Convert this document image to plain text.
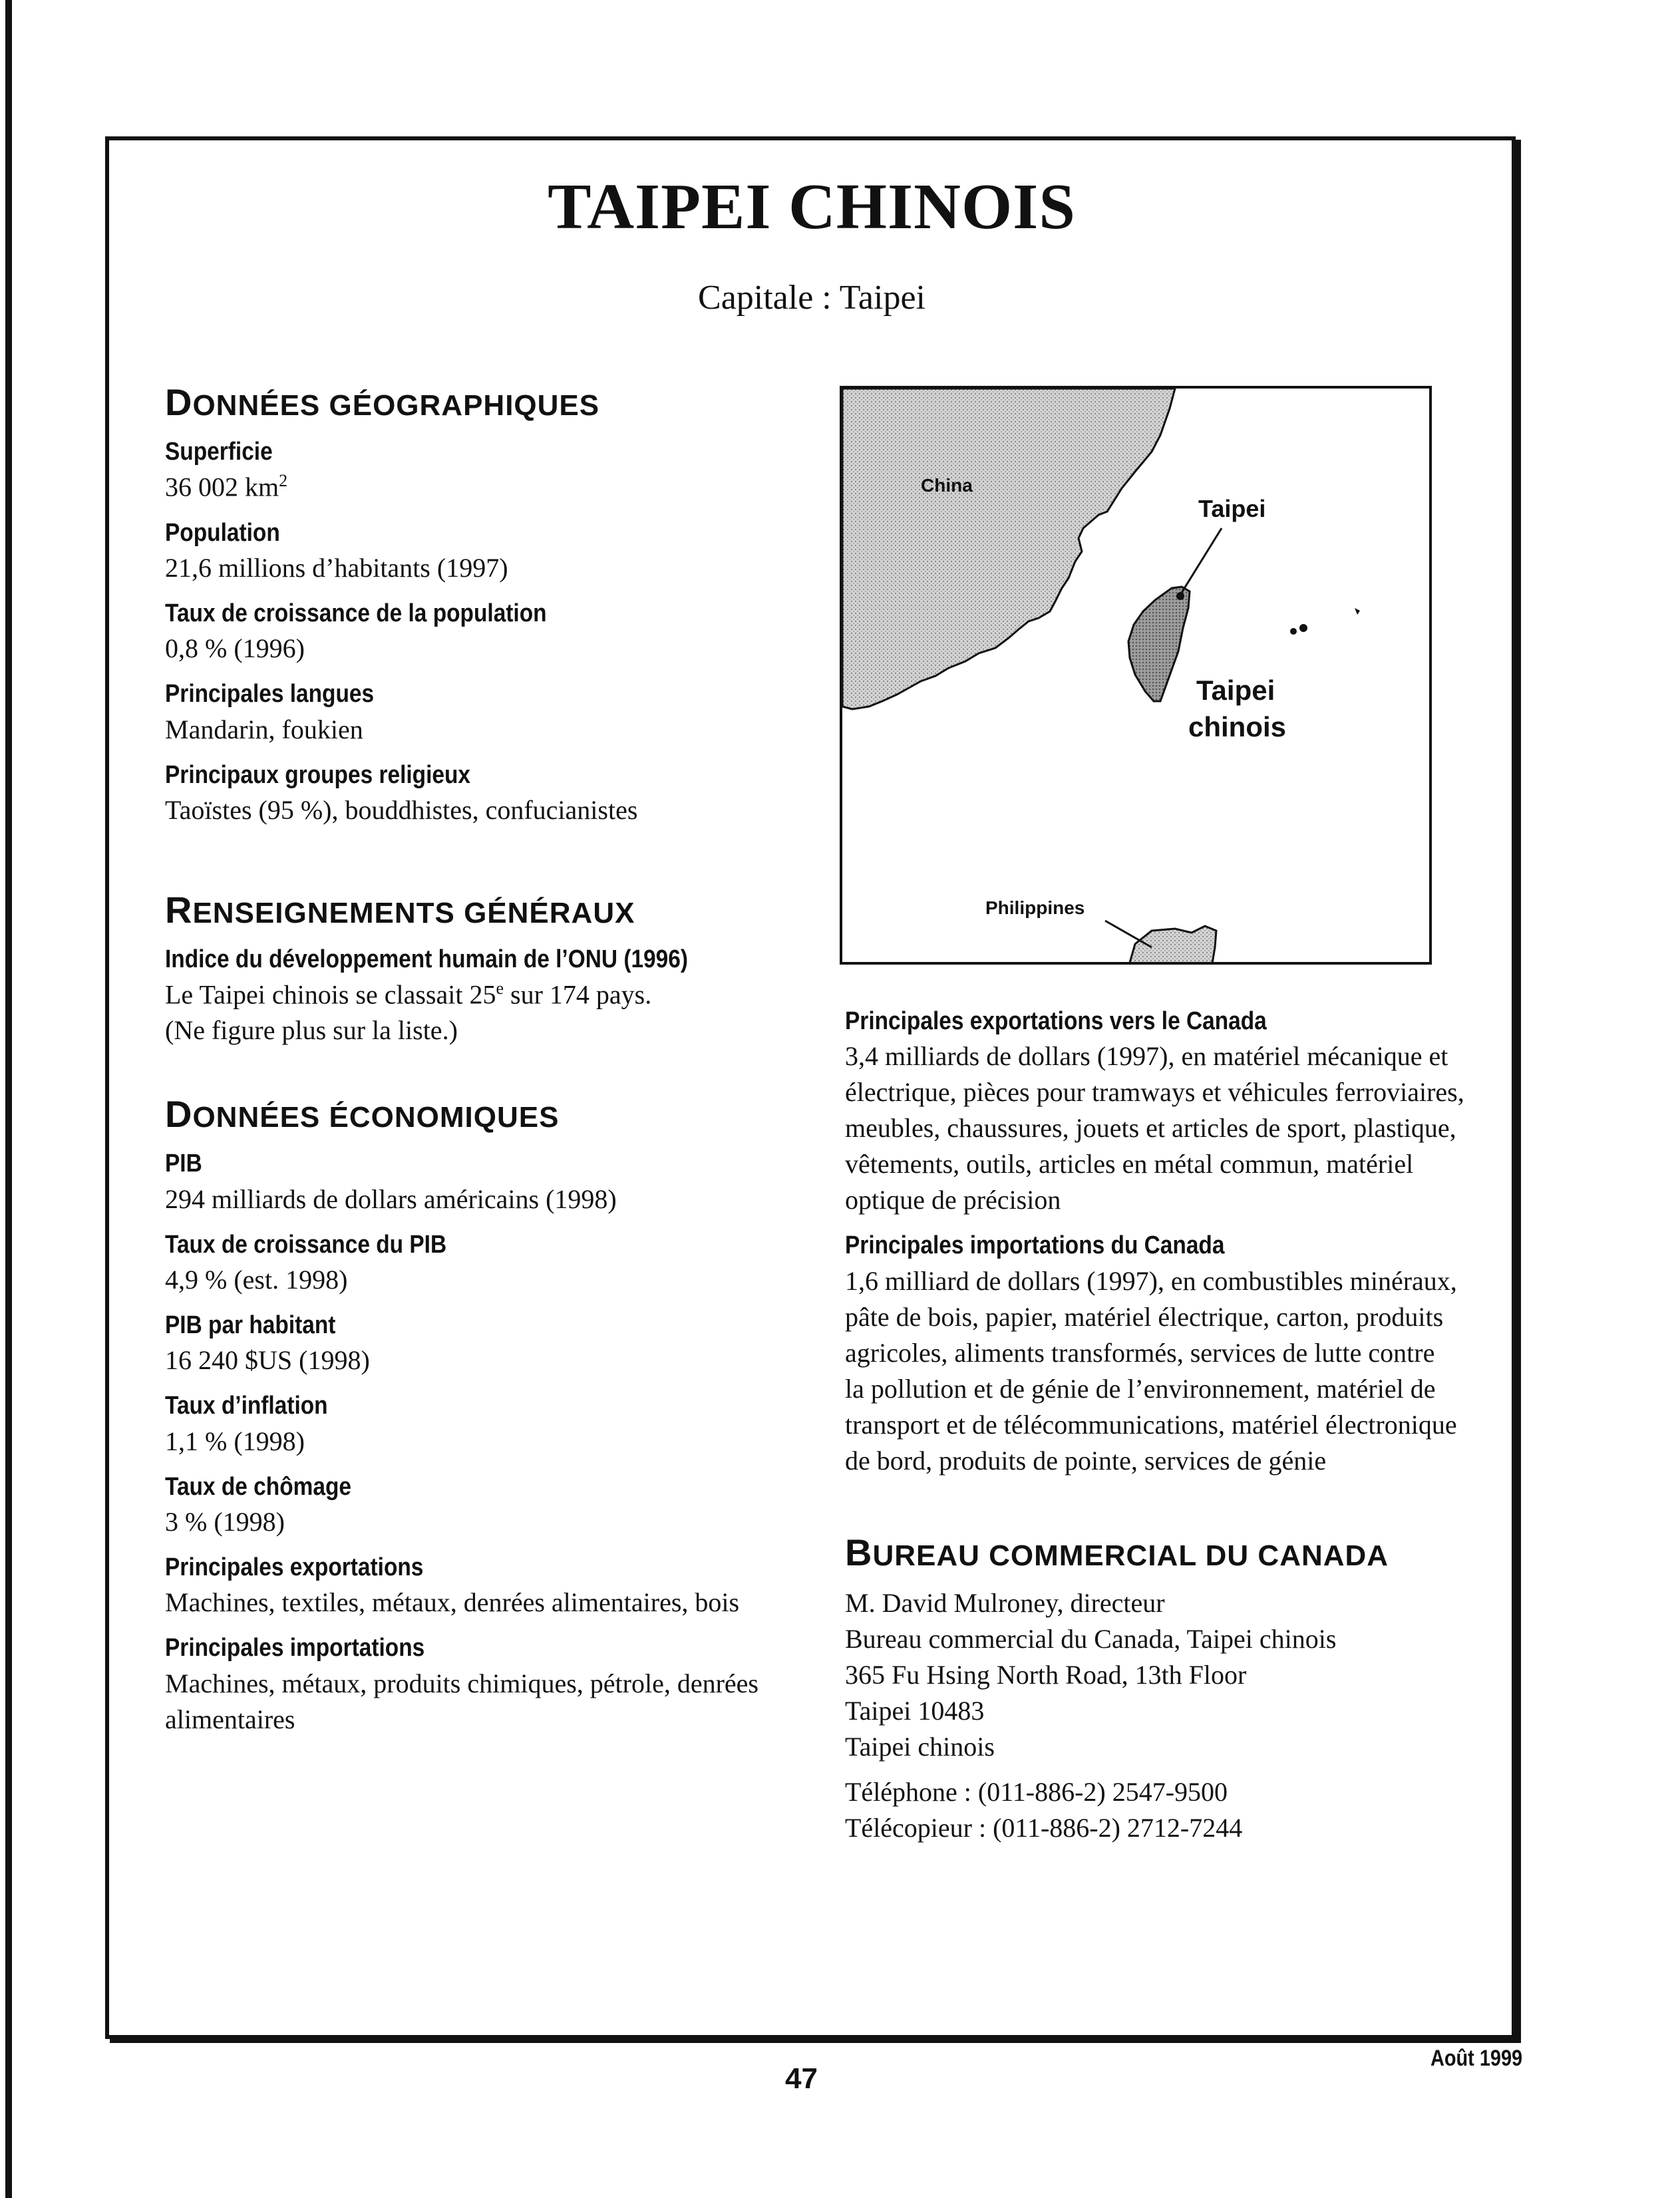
TAIPEI CHINOIS
Capitale : Taipei
DONNÉES GÉOGRAPHIQUES
Superficie
36 002 $km^2$
Population
21,6 millions d’habitants (1997)
Taux de croissance de la population
0,8 % (1996)
Principales langues
Mandarin, foukien
Principaux groupes religieux
Taoïstes (95 %), bouddhistes, confucianistes
RENSEIGNEMENTS GÉNÉRAUX
Indice du développement humain de l’ONU (1996)
Le Taipei chinois se classait 25e sur 174 pays.
(Ne figure plus sur la liste.)
DONNÉES ÉCONOMIQUES
PIB
294 milliards de dollars américains (1998)
Taux de croissance du PIB
4,9 % (est. 1998)
PIB par habitant
16 240 $US (1998)
Taux d’inflation
1,1 % (1998)
Taux de chômage
3 % (1998)
Principales exportations
Machines, textiles, métaux, denrées alimentaires, bois
Principales importations
Machines, métaux, produits chimiques, pétrole, denrées alimentaires
China
Taipei
Taipei
chinois
Philippines
Principales exportations vers le Canada
3,4 milliards de dollars (1997), en matériel mécanique et électrique, pièces pour tramways et véhicules ferroviaires, meubles, chaussures, jouets et articles de sport, plastique, vêtements, outils, articles en métal commun, matériel optique de précision
Principales importations du Canada
1,6 milliard de dollars (1997), en combustibles minéraux, pâte de bois, papier, matériel électrique, carton, produits agricoles, aliments transformés, services de lutte contre la pollution et de génie de l’environnement, matériel de transport et de télécommunications, matériel électronique de bord, produits de pointe, services de génie
BUREAU COMMERCIAL DU CANADA
M. David Mulroney, directeur
Bureau commercial du Canada, Taipei chinois
365 Fu Hsing North Road, 13th Floor
Taipei 10483
Taipei chinois
Téléphone : (011-886-2) 2547-9500
Télécopieur : (011-886-2) 2712-7244
47
Août 1999
